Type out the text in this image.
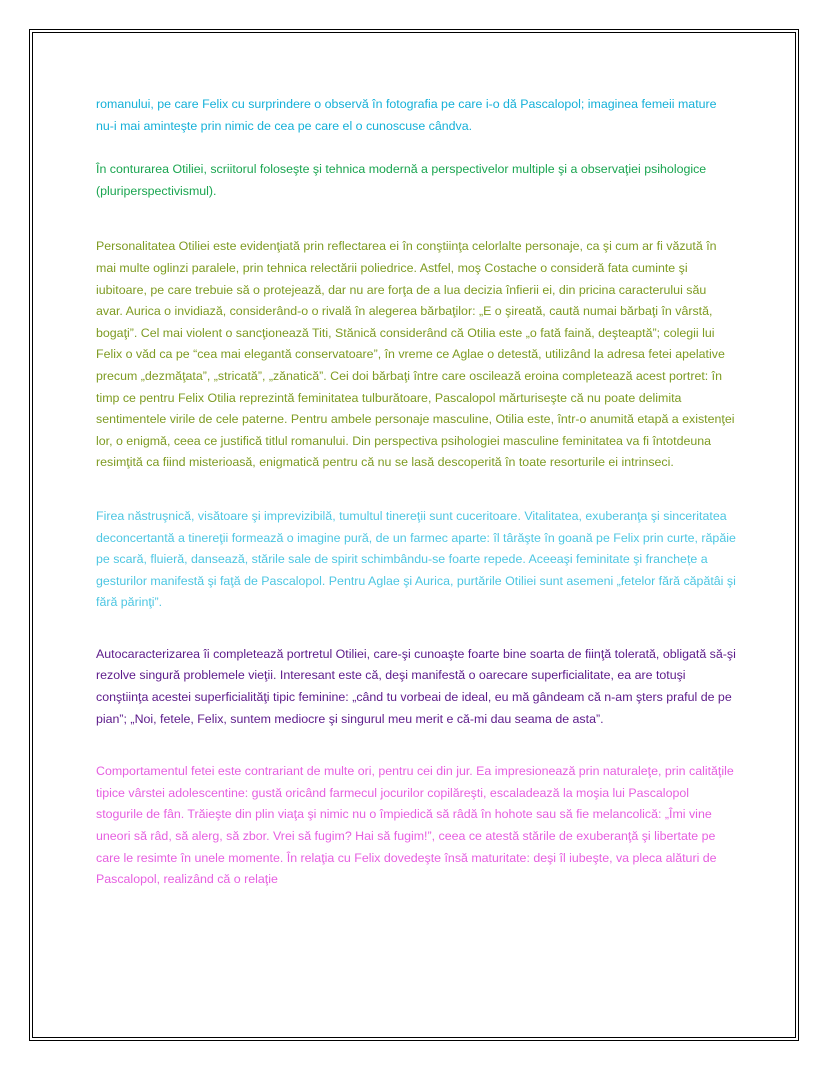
romanului, pe care Felix cu surprindere o observă în fotografia pe care i-o dă Pascalopol; imaginea femeii mature nu-i mai aminteşte prin nimic de cea pe care el o cunoscuse cândva.

În conturarea Otiliei, scriitorul foloseşte şi tehnica modernă a perspectivelor multiple şi a observaţiei psihologice (pluriperspectivismul).

Personalitatea Otiliei este evidenţiată prin reflectarea ei în conştiinţa celorlalte personaje, ca şi cum ar fi văzută în mai multe oglinzi paralele, prin tehnica relectării poliedrice. Astfel, moş Costache o consideră fata cuminte şi iubitoare, pe care trebuie să o protejează, dar nu are forţa de a lua decizia înfierii ei, din pricina caracterului său avar. Aurica o invidiază, considerând-o o rivală în alegerea bărbaţilor: „E o şireată, caută numai bărbaţi în vârstă, bogaţi”. Cel mai violent o sancţionează Titi, Stănică considerând că Otilia este „o fată faină, deşteaptă”; colegii lui Felix o văd ca pe “cea mai elegantă conservatoare”, în vreme ce Aglae o detestă, utilizând la adresa fetei apelative precum „dezmăţata”, „stricată”, „zănatică”. Cei doi bărbaţi între care oscilează eroina completează acest portret: în timp ce pentru Felix Otilia reprezintă feminitatea tulburătoare, Pascalopol mărturiseşte că nu poate delimita sentimentele virile de cele paterne. Pentru ambele personaje masculine, Otilia este, într-o anumită etapă a existenţei lor, o enigmă, ceea ce justifică titlul romanului. Din perspectiva psihologiei masculine feminitatea va fi întotdeuna resimţită ca fiind misterioasă, enigmatică pentru că nu se lasă descoperită în toate resorturile ei intrinseci.

Firea năstruşnică, visătoare şi imprevizibilă, tumultul tinereţii sunt cuceritoare. Vitalitatea, exuberanţa şi sinceritatea deconcertantă a tinereţii formează o imagine pură, de un farmec aparte: îl târăşte în goană pe Felix prin curte, răpăie pe scară, fluieră, dansează, stările sale de spirit schimbându-se foarte repede. Aceeaşi feminitate şi franchețe a gesturilor manifestă şi faţă de Pascalopol. Pentru Aglae şi Aurica, purtările Otiliei sunt asemeni „fetelor fără căpătâi şi fără părinţi”.

Autocaracterizarea îi completează portretul Otiliei, care-şi cunoaşte foarte bine soarta de fiinţă tolerată, obligată să-şi rezolve singură problemele vieţii. Interesant este că, deşi manifestă o oarecare superficialitate, ea are totuşi conştiinţa acestei superficialităţi tipic feminine: „când tu vorbeai de ideal, eu mă gândeam că n-am şters praful de pe pian”; „Noi, fetele, Felix, suntem mediocre şi singurul meu merit e că-mi dau seama de asta”.

Comportamentul fetei este contrariant de multe ori, pentru cei din jur. Ea impresionează prin naturaleţe, prin calităţile tipice vârstei adolescentine: gustă oricând farmecul jocurilor copilăreşti, escaladează la moşia lui Pascalopol stogurile de fân. Trăieşte din plin viaţa şi nimic nu o împiedică să râdă în hohote sau să fie melancolică: „Îmi vine uneori să râd, să alerg, să zbor. Vrei să fugim? Hai să fugim!”, ceea ce atestă stările de exuberanţă şi libertate pe care le resimte în unele momente. În relaţia cu Felix dovedeşte însă maturitate: deşi îl iubeşte, va pleca alături de Pascalopol, realizând că o relaţie
